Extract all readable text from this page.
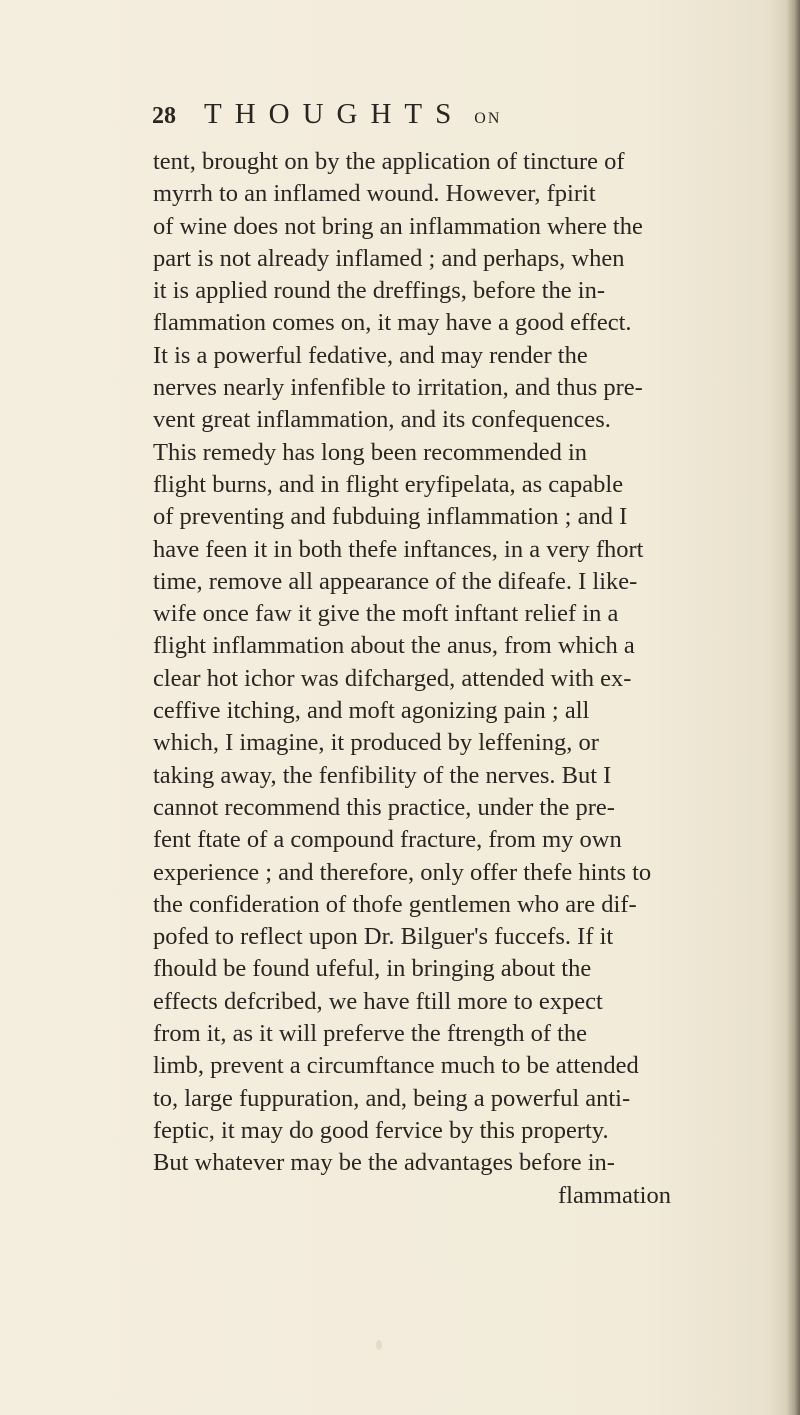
28 THOUGHTS ON
tent, brought on by the application of tincture of
myrrh to an inflamed wound. However, fpirit
of wine does not bring an inflammation where the
part is not already inflamed ; and perhaps, when
it is applied round the dreffings, before the in-
flammation comes on, it may have a good effect.
It is a powerful fedative, and may render the
nerves nearly infenfible to irritation, and thus pre-
vent great inflammation, and its confequences.
This remedy has long been recommended in
flight burns, and in flight eryfipelata, as capable
of preventing and fubduing inflammation ; and I
have feen it in both thefe inftances, in a very fhort
time, remove all appearance of the difeafe. I like-
wife once faw it give the moft inftant relief in a
flight inflammation about the anus, from which a
clear hot ichor was difcharged, attended with ex-
ceffive itching, and moft agonizing pain ; all
which, I imagine, it produced by leffening, or
taking away, the fenfibility of the nerves. But I
cannot recommend this practice, under the pre-
fent ftate of a compound fracture, from my own
experience ; and therefore, only offer thefe hints to
the confideration of thofe gentlemen who are dif-
pofed to reflect upon Dr. Bilguer's fuccefs. If it
fhould be found ufeful, in bringing about the
effects defcribed, we have ftill more to expect
from it, as it will preferve the ftrength of the
limb, prevent a circumftance much to be attended
to, large fuppuration, and, being a powerful anti-
feptic, it may do good fervice by this property.
But whatever may be the advantages before in-
flammation
